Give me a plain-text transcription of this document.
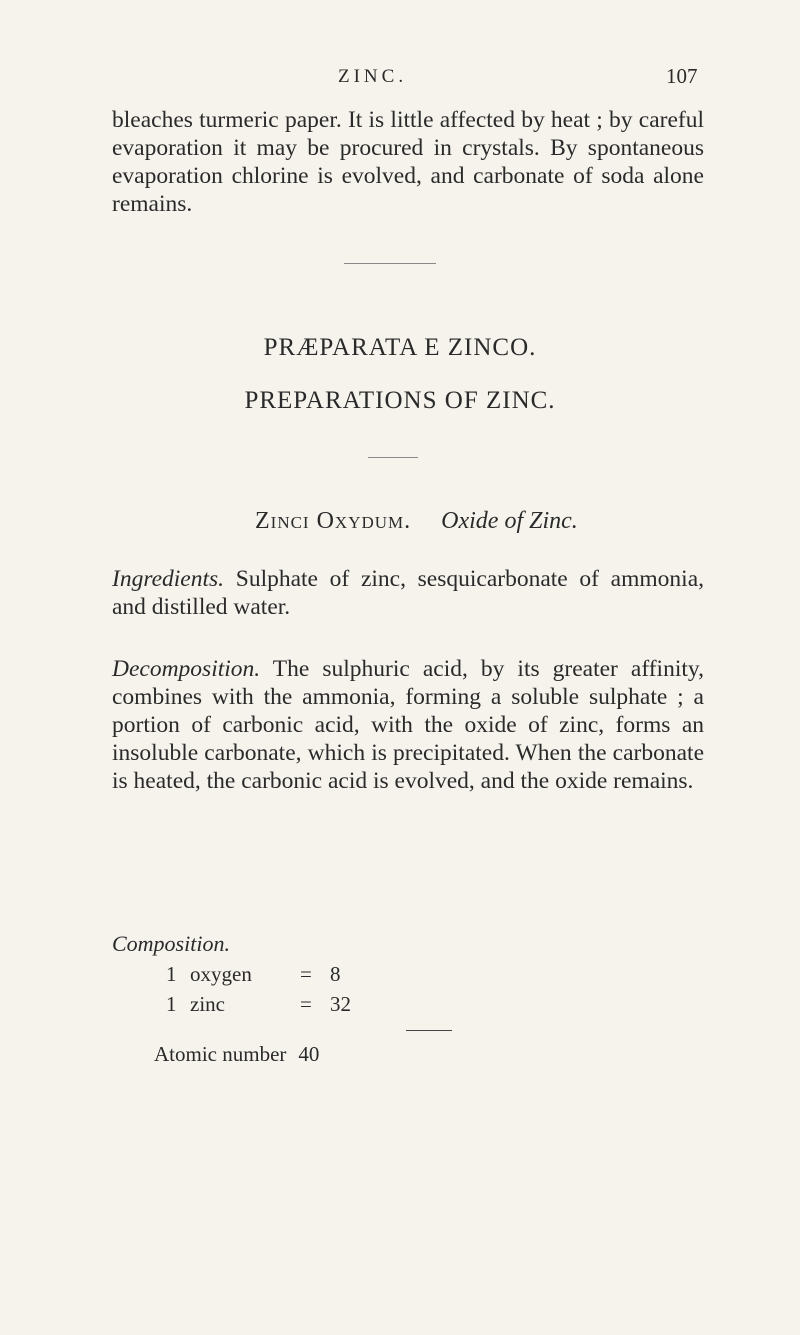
ZINC.	107

bleaches turmeric paper. It is little affected by heat ; by careful evaporation it may be procured in crystals. By spontaneous evaporation chlorine is evolved, and carbonate of soda alone remains.

PRÆPARATA E ZINCO.
PREPARATIONS OF ZINC.
Zinci Oxydum. Oxide of Zinc.

Ingredients. Sulphate of zinc, sesquicarbonate of ammonia, and distilled water.

Decomposition. The sulphuric acid, by its greater affinity, combines with the ammonia, forming a soluble sulphate ; a portion of carbonic acid, with the oxide of zinc, forms an insoluble carbonate, which is precipitated. When the carbonate is heated, the carbonic acid is evolved, and the oxide remains.

Composition.
1 oxygen = 8
1 zinc	= 32
Atomic number 40
